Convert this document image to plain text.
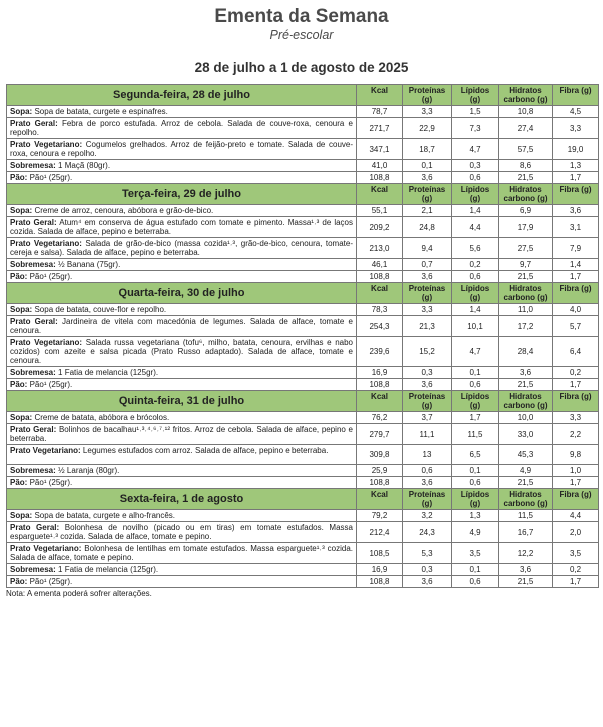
Ementa da Semana
Pré-escolar
28 de julho a 1 de agosto de 2025
Segunda-feira, 28 de julho	Kcal	Proteínas (g)	Lípidos (g)	Hidratos carbono (g)	Fibra (g)
Sopa: Sopa de batata, curgete e espinafres.	78,7	3,3	1,5	10,8	4,5
Prato Geral: Febra de porco estufada. Arroz de cebola. Salada de couve-roxa, cenoura e repolho.	271,7	22,9	7,3	27,4	3,3
Prato Vegetariano: Cogumelos grelhados. Arroz de feijão-preto e tomate. Salada de couve-roxa, cenoura e repolho.	347,1	18,7	4,7	57,5	19,0
Sobremesa: 1 Maçã (80gr).	41,0	0,1	0,3	8,6	1,3
Pão: Pão¹ (25gr).	108,8	3,6	0,6	21,5	1,7
Terça-feira, 29 de julho	Kcal	Proteínas (g)	Lípidos (g)	Hidratos carbono (g)	Fibra (g)
Sopa: Creme de arroz, cenoura, abóbora e grão-de-bico.	55,1	2,1	1,4	6,9	3,6
Prato Geral: Atum⁴ em conserva de água estufado com tomate e pimento. Massa¹˒³ de laços cozida. Salada de alface, pepino e beterraba.	209,2	24,8	4,4	17,9	3,1
Prato Vegetariano: Salada de grão-de-bico (massa cozida¹˒³, grão-de-bico, cenoura, tomate-cereja e salsa). Salada de alface, pepino e beterraba.	213,0	9,4	5,6	27,5	7,9
Sobremesa: ½ Banana (75gr).	46,1	0,7	0,2	9,7	1,4
Pão: Pão¹ (25gr).	108,8	3,6	0,6	21,5	1,7
Quarta-feira, 30 de julho	Kcal	Proteínas (g)	Lípidos (g)	Hidratos carbono (g)	Fibra (g)
Sopa: Sopa de batata, couve-flor e repolho.	78,3	3,3	1,4	11,0	4,0
Prato Geral: Jardineira de vitela com macedónia de legumes. Salada de alface, tomate e cenoura.	254,3	21,3	10,1	17,2	5,7
Prato Vegetariano: Salada russa vegetariana (tofu⁶, milho, batata, cenoura, ervilhas e nabo cozidos) com azeite e salsa picada (Prato Russo adaptado). Salada de alface, tomate e cenoura.	239,6	15,2	4,7	28,4	6,4
Sobremesa: 1 Fatia de melancia (125gr).	16,9	0,3	0,1	3,6	0,2
Pão: Pão¹ (25gr).	108,8	3,6	0,6	21,5	1,7
Quinta-feira, 31 de julho	Kcal	Proteínas (g)	Lípidos (g)	Hidratos carbono (g)	Fibra (g)
Sopa: Creme de batata, abóbora e brócolos.	76,2	3,7	1,7	10,0	3,3
Prato Geral: Bolinhos de bacalhau¹˒³˒⁴˒⁶˒⁷˒¹² fritos. Arroz de cebola. Salada de alface, pepino e beterraba.	279,7	11,1	11,5	33,0	2,2
Prato Vegetariano: Legumes estufados com arroz. Salada de alface, pepino e beterraba.	309,8	13	6,5	45,3	9,8
Sobremesa: ½ Laranja (80gr).	25,9	0,6	0,1	4,9	1,0
Pão: Pão¹ (25gr).	108,8	3,6	0,6	21,5	1,7
Sexta-feira, 1 de agosto	Kcal	Proteínas (g)	Lípidos (g)	Hidratos carbono (g)	Fibra (g)
Sopa: Sopa de batata, curgete e alho-francês.	79,2	3,2	1,3	11,5	4,4
Prato Geral: Bolonhesa de novilho (picado ou em tiras) em tomate estufados. Massa esparguete¹˒³ cozida. Salada de alface, tomate e pepino.	212,4	24,3	4,9	16,7	2,0
Prato Vegetariano: Bolonhesa de lentilhas em tomate estufados. Massa esparguete¹˒³ cozida. Salada de alface, tomate e pepino.	108,5	5,3	3,5	12,2	3,5
Sobremesa: 1 Fatia de melancia (125gr).	16,9	0,3	0,1	3,6	0,2
Pão: Pão¹ (25gr).	108,8	3,6	0,6	21,5	1,7
Nota: A ementa poderá sofrer alterações.
